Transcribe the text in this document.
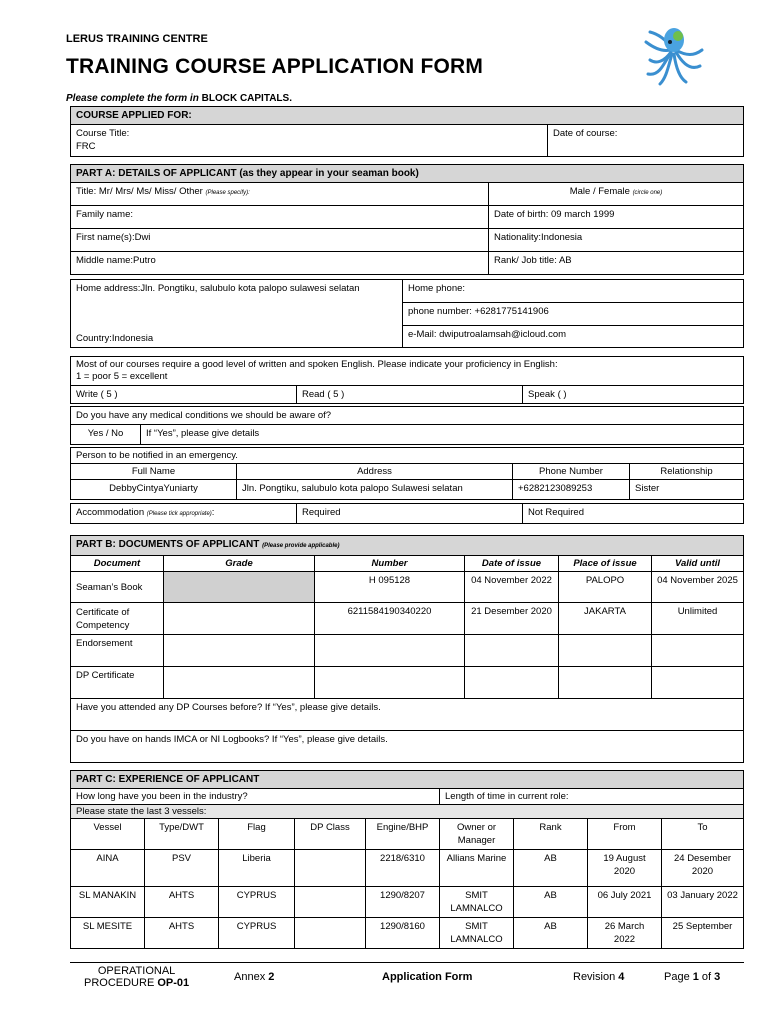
LERUS TRAINING CENTRE
TRAINING COURSE APPLICATION FORM
Please complete the form in BLOCK CAPITALS.
COURSE APPLIED FOR:
Course Title:
FRC	Date of course:
PART A: DETAILS OF APPLICANT (as they appear in your seaman book)	
Title: Mr/ Mrs/ Ms/ Miss/ Other (Please specify):	Male / Female (circle one)
Family name:	Date of birth: 09 march 1999
First name(s):Dwi	Nationality:Indonesia
Middle name:Putro	Rank/ Job title: AB
Home address:Jln. Pongtiku, salubulo kota palopo sulawesi selatan
Country:Indonesia
	Home phone:
phone number: +6281775141906
e-Mail: dwiputroalamsah@icloud.com
Most of our courses require a good level of written and spoken English. Please indicate your proficiency in English:
1 = poor 5 = excellent
Write ( 5 )	Read ( 5 )	Speak ( )
Do you have any medical conditions we should be aware of?
Yes / No	If “Yes”, please give details
Person to be notified in an emergency.			
Full Name	Address	Phone Number	Relationship
DebbyCintyaYuniarty	Jln. Pongtiku, salubulo kota palopo Sulawesi selatan	+6282123089253	Sister
Accommodation (Please tick appropriate):	Required	Not Required
PART B: DOCUMENTS OF APPLICANT (Please provide applicable)					
Document	Grade	Number	Date of issue	Place of issue	Valid until
Seaman’s Book		H 095128	04 November 2022	PALOPO	04 November 2025
Certificate of Competency		6211584190340220	21 Desember 2020	JAKARTA	Unlimited
Endorsement					
DP Certificate					
Have you attended any DP Courses before? If “Yes”, please give details.					
Do you have on hands IMCA or NI Logbooks? If “Yes”, please give details.					
PART C: EXPERIENCE OF APPLICANT								
How long have you been in the industry?					Length of time in current role:			
Please state the last 3 vessels:								
Vessel	Type/DWT	Flag	DP Class	Engine/BHP	Owner or Manager	Rank	From	To
AINA	PSV	Liberia		2218/6310	Allians Marine	AB	19 August 2020	24 Desember 2020
SL MANAKIN	AHTS	CYPRUS		1290/8207	SMIT LAMNALCO	AB	06 July 2021	03 January 2022
SL MESITE	AHTS	CYPRUS		1290/8160	SMIT LAMNALCO	AB	26 March 2022	25 September
OPERATIONAL
PROCEDURE OP-01	Annex 2	Application Form	Revision 4	Page 1 of 3
